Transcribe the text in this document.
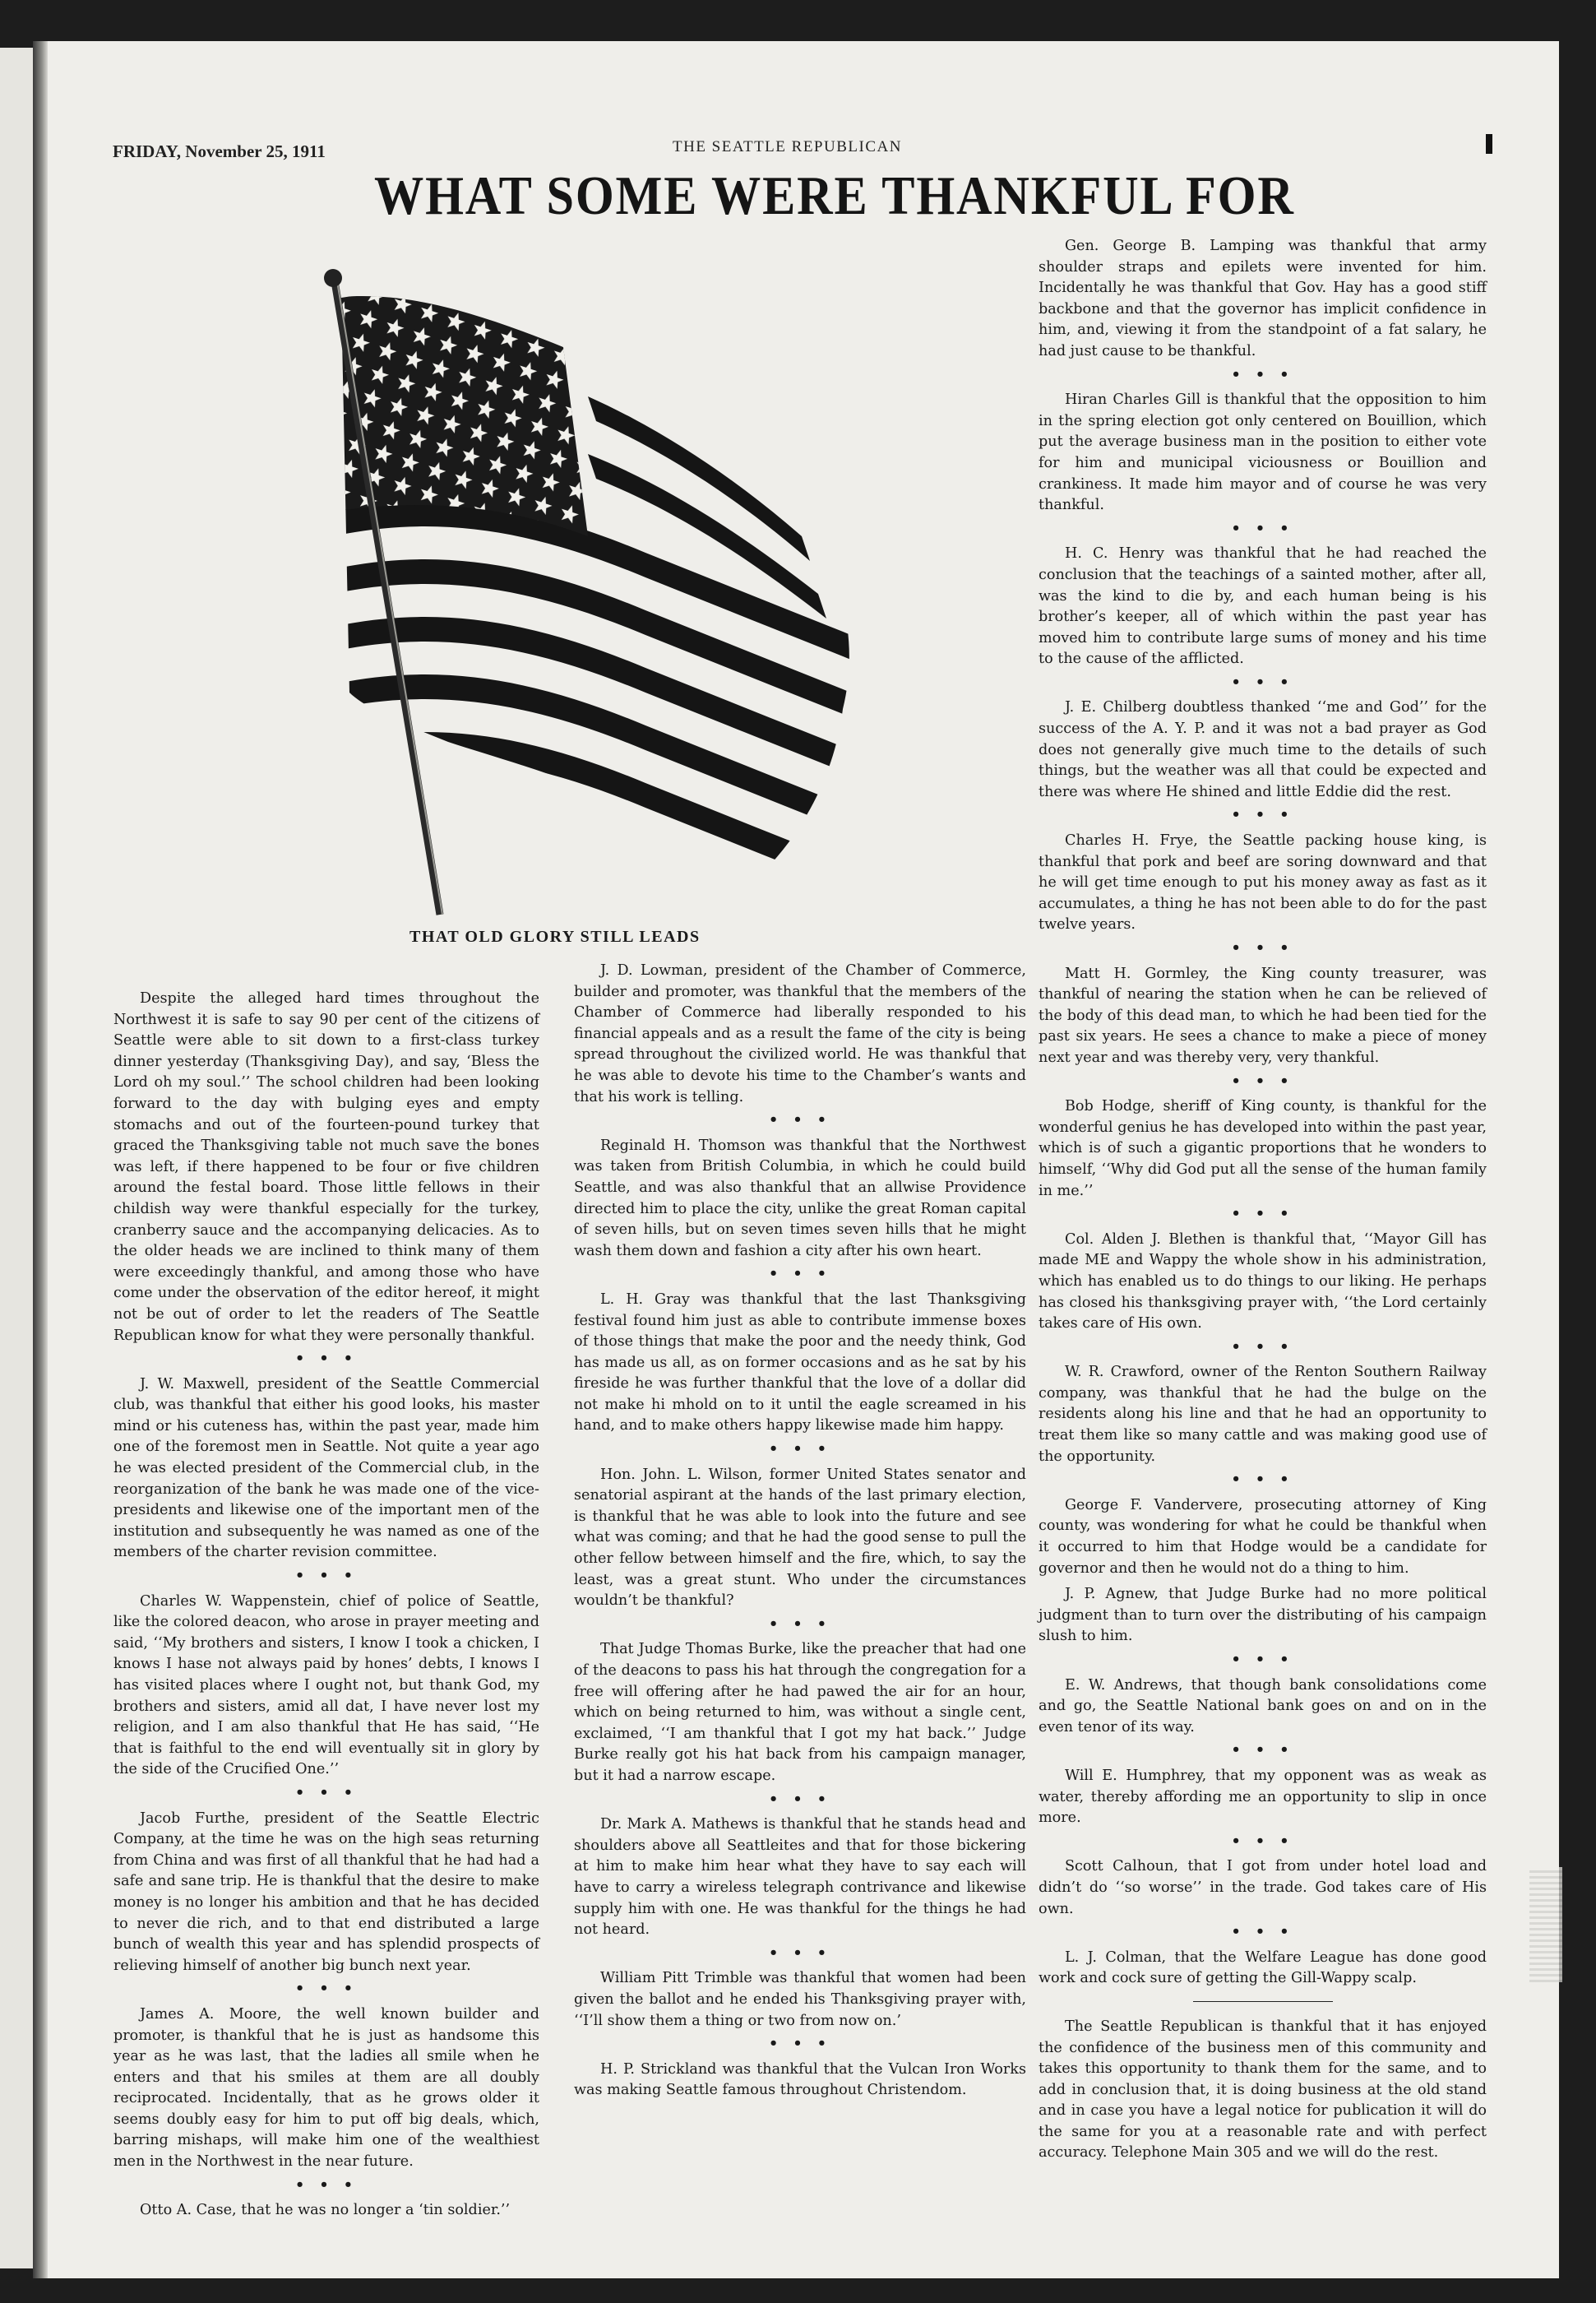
FRIDAY, November 25, 1911	THE SEATTLE REPUBLICAN
WHAT SOME WERE THANKFUL FOR
THAT OLD GLORY STILL LEADS

Despite the alleged hard times throughout the Northwest it is safe to say 90 per cent of the citizens of Seattle were able to sit down to a first-class turkey dinner yesterday (Thanksgiving Day), and say, ‘Bless the Lord oh my soul.’’ The school children had been looking forward to the day with bulging eyes and empty stomachs and out of the fourteen-pound turkey that graced the Thanksgiving table not much save the bones was left, if there happened to be four or five children around the festal board. Those little fellows in their childish way were thankful especially for the turkey, cranberry sauce and the accompanying delicacies. As to the older heads we are inclined to think many of them were exceedingly thankful, and among those who have come under the observation of the editor hereof, it might not be out of order to let the readers of The Seattle Republican know for what they were personally thankful.

• • •

J. W. Maxwell, president of the Seattle Commercial club, was thankful that either his good looks, his master mind or his cuteness has, within the past year, made him one of the foremost men in Seattle. Not quite a year ago he was elected president of the Commercial club, in the reorganization of the bank he was made one of the vice-presidents and likewise one of the important men of the institution and subsequently he was named as one of the members of the charter revision committee.

• • •

Charles W. Wappenstein, chief of police of Seattle, like the colored deacon, who arose in prayer meeting and said, ‘‘My brothers and sisters, I know I took a chicken, I knows I hase not always paid by hones’ debts, I knows I has visited places where I ought not, but thank God, my brothers and sisters, amid all dat, I have never lost my religion, and I am also thankful that He has said, ‘‘He that is faithful to the end will eventually sit in glory by the side of the Crucified One.’’

• • •

Jacob Furthe, president of the Seattle Electric Company, at the time he was on the high seas returning from China and was first of all thankful that he had had a safe and sane trip. He is thankful that the desire to make money is no longer his ambition and that he has decided to never die rich, and to that end distributed a large bunch of wealth this year and has splendid prospects of relieving himself of another big bunch next year.

• • •

James A. Moore, the well known builder and promoter, is thankful that he is just as handsome this year as he was last, that the ladies all smile when he enters and that his smiles at them are all doubly reciprocated. Incidentally, that as he grows older it seems doubly easy for him to put off big deals, which, barring mishaps, will make him one of the wealthiest men in the Northwest in the near future.

• • •

Otto A. Case, that he was no longer a ‘tin soldier.’’

J. D. Lowman, president of the Chamber of Commerce, builder and promoter, was thankful that the members of the Chamber of Commerce had liberally responded to his financial appeals and as a result the fame of the city is being spread throughout the civilized world. He was thankful that he was able to devote his time to the Chamber’s wants and that his work is telling.

• • •

Reginald H. Thomson was thankful that the Northwest was taken from British Columbia, in which he could build Seattle, and was also thankful that an allwise Providence directed him to place the city, unlike the great Roman capital of seven hills, but on seven times seven hills that he might wash them down and fashion a city after his own heart.

• • •

L. H. Gray was thankful that the last Thanksgiving festival found him just as able to contribute immense boxes of those things that make the poor and the needy think, God has made us all, as on former occasions and as he sat by his fireside he was further thankful that the love of a dollar did not make hi mhold on to it until the eagle screamed in his hand, and to make others happy likewise made him happy.

• • •

Hon. John. L. Wilson, former United States senator and senatorial aspirant at the hands of the last primary election, is thankful that he was able to look into the future and see what was coming; and that he had the good sense to pull the other fellow between himself and the fire, which, to say the least, was a great stunt. Who under the circumstances wouldn’t be thankful?

• • •

That Judge Thomas Burke, like the preacher that had one of the deacons to pass his hat through the congregation for a free will offering after he had pawed the air for an hour, which on being returned to him, was without a single cent, exclaimed, ‘‘I am thankful that I got my hat back.’’ Judge Burke really got his hat back from his campaign manager, but it had a narrow escape.

• • •

Dr. Mark A. Mathews is thankful that he stands head and shoulders above all Seattleites and that for those bickering at him to make him hear what they have to say each will have to carry a wireless telegraph contrivance and likewise supply him with one. He was thankful for the things he had not heard.

• • •

William Pitt Trimble was thankful that women had been given the ballot and he ended his Thanksgiving prayer with, ‘‘I’ll show them a thing or two from now on.’

• • •

H. P. Strickland was thankful that the Vulcan Iron Works was making Seattle famous throughout Christendom.

Gen. George B. Lamping was thankful that army shoulder straps and epilets were invented for him. Incidentally he was thankful that Gov. Hay has a good stiff backbone and that the governor has implicit confidence in him, and, viewing it from the standpoint of a fat salary, he had just cause to be thankful.

• • •

Hiran Charles Gill is thankful that the opposition to him in the spring election got only centered on Bouillion, which put the average business man in the position to either vote for him and municipal viciousness or Bouillion and crankiness. It made him mayor and of course he was very thankful.

• • •

H. C. Henry was thankful that he had reached the conclusion that the teachings of a sainted mother, after all, was the kind to die by, and each human being is his brother’s keeper, all of which within the past year has moved him to contribute large sums of money and his time to the cause of the afflicted.

• • •

J. E. Chilberg doubtless thanked ‘‘me and God’’ for the success of the A. Y. P. and it was not a bad prayer as God does not generally give much time to the details of such things, but the weather was all that could be expected and there was where He shined and little Eddie did the rest.

• • •

Charles H. Frye, the Seattle packing house king, is thankful that pork and beef are soring downward and that he will get time enough to put his money away as fast as it accumulates, a thing he has not been able to do for the past twelve years.

• • •

Matt H. Gormley, the King county treasurer, was thankful of nearing the station when he can be relieved of the body of this dead man, to which he had been tied for the past six years. He sees a chance to make a piece of money next year and was thereby very, very thankful.

• • •

Bob Hodge, sheriff of King county, is thankful for the wonderful genius he has developed into within the past year, which is of such a gigantic proportions that he wonders to himself, ‘‘Why did God put all the sense of the human family in me.’’

• • •

Col. Alden J. Blethen is thankful that, ‘‘Mayor Gill has made ME and Wappy the whole show in his administration, which has enabled us to do things to our liking. He perhaps has closed his thanksgiving prayer with, ‘‘the Lord certainly takes care of His own.

• • •

W. R. Crawford, owner of the Renton Southern Railway company, was thankful that he had the bulge on the residents along his line and that he had an opportunity to treat them like so many cattle and was making good use of the opportunity.

• • •

George F. Vandervere, prosecuting attorney of King county, was wondering for what he could be thankful when it occurred to him that Hodge would be a candidate for governor and then he would not do a thing to him.

J. P. Agnew, that Judge Burke had no more political judgment than to turn over the distributing of his campaign slush to him.

• • •

E. W. Andrews, that though bank consolidations come and go, the Seattle National bank goes on and on in the even tenor of its way.

• • •

Will E. Humphrey, that my opponent was as weak as water, thereby affording me an opportunity to slip in once more.

• • •

Scott Calhoun, that I got from under hotel load and didn’t do ‘‘so worse’’ in the trade. God takes care of His own.

• • •

L. J. Colman, that the Welfare League has done good work and cock sure of getting the Gill-Wappy scalp.

The Seattle Republican is thankful that it has enjoyed the confidence of the business men of this community and takes this opportunity to thank them for the same, and to add in conclusion that, it is doing business at the old stand and in case you have a legal notice for publication it will do the same for you at a reasonable rate and with perfect accuracy. Telephone Main 305 and we will do the rest.
